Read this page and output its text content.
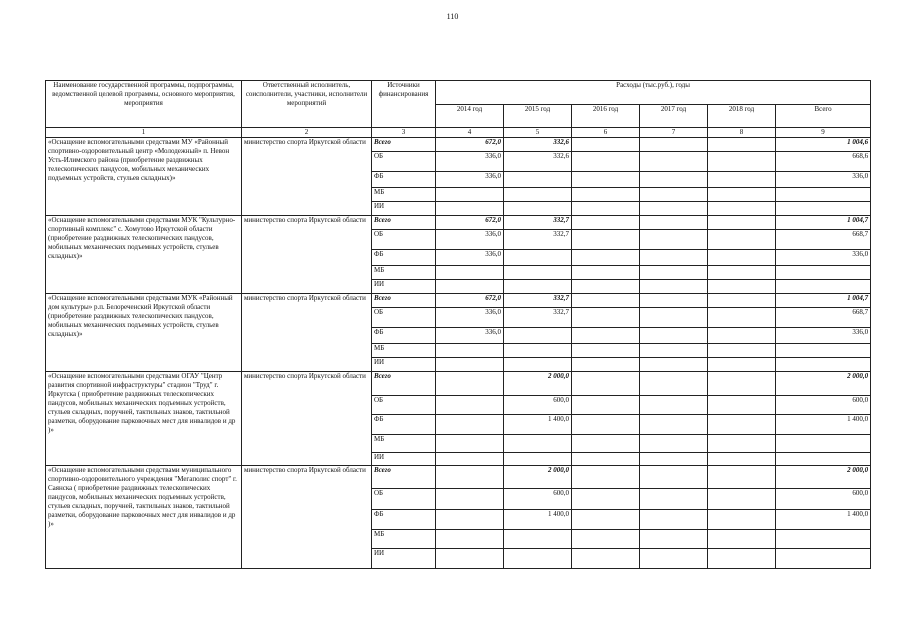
110
Наименование государственной программы, подпрограммы, ведомственной целевой программы, основного мероприятия, мероприятия	Ответственный исполнитель, соисполнители, участники, исполнители мероприятий	Источники финансирования	Расходы (тыс.руб.), годы					
			2014 год	2015 год	2016 год	2017 год	2018 год	Всего
1	2	3	4	5	6	7	8	9
«Оснащение вспомогательными средствами МУ «Районный спортивно-оздоровительный центр «Молодежный» п. Невон Усть-Илимского района (приобретение раздвижных телескопических пандусов, мобильных механических подъемных устройств, стульев складных)»	министерство спорта Иркутской области	Всего	672,0	332,6				1 004,6
		ОБ	336,0	332,6				668,6
		ФБ	336,0					336,0
		МБ						
		ИИ						
«Оснащение вспомогательными средствами МУК "Культурно-спортивный комплекс" с. Хомутово Иркутской области (приобретение раздвижных телескопических пандусов, мобильных механических подъемных устройств, стульев складных)»	министерство спорта Иркутской области	Всего	672,0	332,7				1 004,7
		ОБ	336,0	332,7				668,7
		ФБ	336,0					336,0
		МБ						
		ИИ						
«Оснащение вспомогательными средствами МУК «Районный дом культуры» р.п. Белореченский Иркутской области (приобретение раздвижных телескопических пандусов, мобильных механических подъемных устройств, стульев складных)»	министерство спорта Иркутской области	Всего	672,0	332,7				1 004,7
		ОБ	336,0	332,7				668,7
		ФБ	336,0					336,0
		МБ						
		ИИ						
«Оснащение вспомогательными средствами ОГАУ "Центр развития спортивной инфраструктуры" стадион "Труд" г. Иркутска ( приобретение раздвижных телескопических пандусов, мобильных механических подъемных устройств, стульев складных, поручней, тактильных знаков, тактильной разметки, оборудование парковочных мест для инвалидов и др )»	министерство спорта Иркутской области	Всего		2 000,0				2 000,0
		ОБ		600,0				600,0
		ФБ		1 400,0				1 400,0
		МБ						
		ИИ						
«Оснащение вспомогательными средствами муниципального спортивно-оздоровительного учреждения "Мегаполис спорт" г. Саянска ( приобретение раздвижных телескопических пандусов, мобильных механических подъемных устройств, стульев складных, поручней, тактильных знаков, тактильной разметки, оборудование парковочных мест для инвалидов и др )»	министерство спорта Иркутской области	Всего		2 000,0				2 000,0
		ОБ		600,0				600,0
		ФБ		1 400,0				1 400,0
		МБ						
		ИИ						
